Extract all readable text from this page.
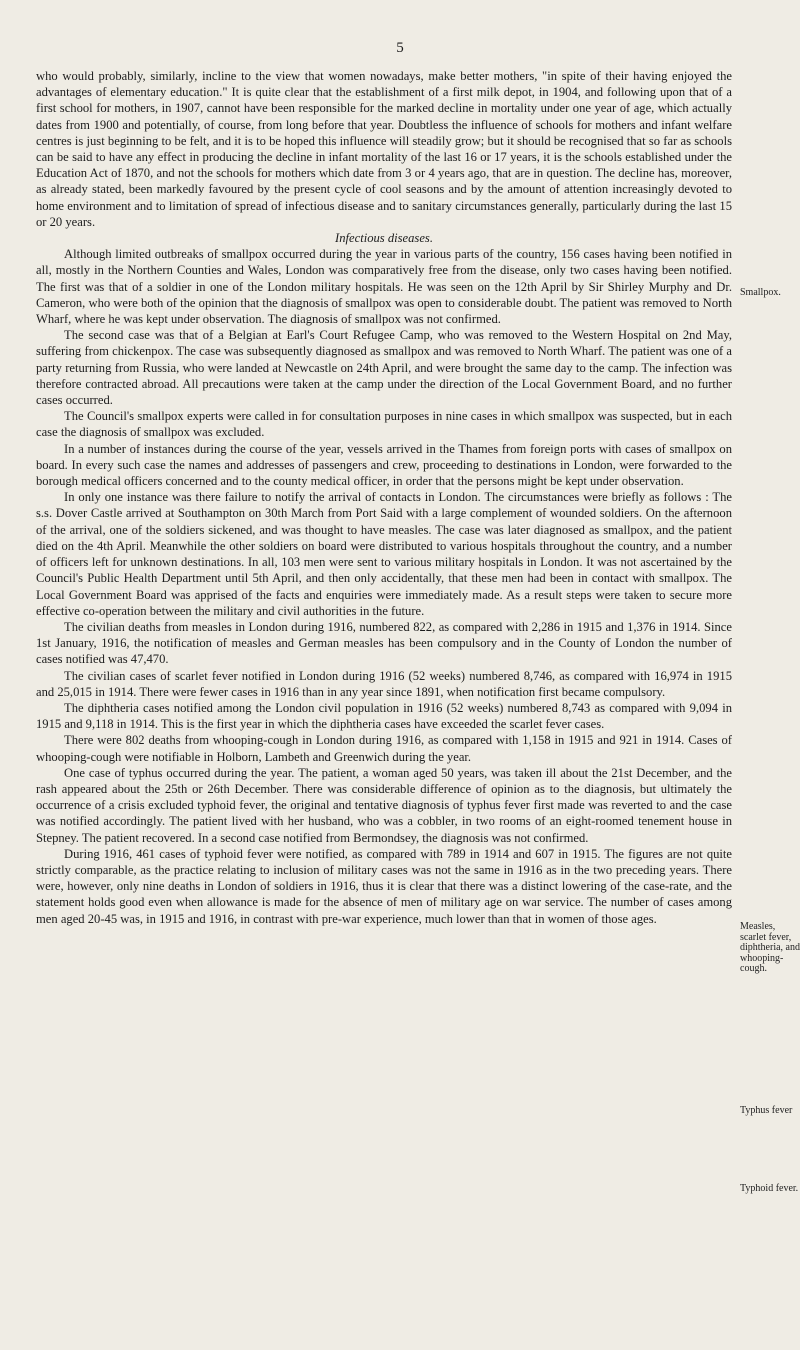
5

who would probably, similarly, incline to the view that women nowadays, make better mothers, "in spite of their having enjoyed the advantages of elementary education." It is quite clear that the establishment of a first milk depot, in 1904, and following upon that of a first school for mothers, in 1907, cannot have been responsible for the marked decline in mortality under one year of age, which actually dates from 1900 and potentially, of course, from long before that year. Doubtless the influence of schools for mothers and infant welfare centres is just beginning to be felt, and it is to be hoped this influence will steadily grow; but it should be recognised that so far as schools can be said to have any effect in producing the decline in infant mortality of the last 16 or 17 years, it is the schools established under the Education Act of 1870, and not the schools for mothers which date from 3 or 4 years ago, that are in question. The decline has, moreover, as already stated, been markedly favoured by the present cycle of cool seasons and by the amount of attention increasingly devoted to home environment and to limitation of spread of infectious disease and to sanitary circumstances generally, particularly during the last 15 or 20 years.

Infectious diseases.

Although limited outbreaks of smallpox occurred during the year in various parts of the country, 156 cases having been notified in all, mostly in the Northern Counties and Wales, London was comparatively free from the disease, only two cases having been notified. The first was that of a soldier in one of the London military hospitals. He was seen on the 12th April by Sir Shirley Murphy and Dr. Cameron, who were both of the opinion that the diagnosis of smallpox was open to considerable doubt. The patient was removed to North Wharf, where he was kept under observation. The diagnosis of smallpox was not confirmed.

The second case was that of a Belgian at Earl's Court Refugee Camp, who was removed to the Western Hospital on 2nd May, suffering from chickenpox. The case was subsequently diagnosed as smallpox and was removed to North Wharf. The patient was one of a party returning from Russia, who were landed at Newcastle on 24th April, and were brought the same day to the camp. The infection was therefore contracted abroad. All precautions were taken at the camp under the direction of the Local Government Board, and no further cases occurred.

The Council's smallpox experts were called in for consultation purposes in nine cases in which smallpox was suspected, but in each case the diagnosis of smallpox was excluded.

In a number of instances during the course of the year, vessels arrived in the Thames from foreign ports with cases of smallpox on board. In every such case the names and addresses of passengers and crew, proceeding to destinations in London, were forwarded to the borough medical officers concerned and to the county medical officer, in order that the persons might be kept under observation.

In only one instance was there failure to notify the arrival of contacts in London. The circumstances were briefly as follows : The s.s. Dover Castle arrived at Southampton on 30th March from Port Said with a large complement of wounded soldiers. On the afternoon of the arrival, one of the soldiers sickened, and was thought to have measles. The case was later diagnosed as smallpox, and the patient died on the 4th April. Meanwhile the other soldiers on board were distributed to various hospitals throughout the country, and a number of officers left for unknown destinations. In all, 103 men were sent to various military hospitals in London. It was not ascertained by the Council's Public Health Department until 5th April, and then only accidentally, that these men had been in contact with smallpox. The Local Government Board was apprised of the facts and enquiries were immediately made. As a result steps were taken to secure more effective co-operation between the military and civil authorities in the future.

The civilian deaths from measles in London during 1916, numbered 822, as compared with 2,286 in 1915 and 1,376 in 1914. Since 1st January, 1916, the notification of measles and German measles has been compulsory and in the County of London the number of cases notified was 47,470.

The civilian cases of scarlet fever notified in London during 1916 (52 weeks) numbered 8,746, as compared with 16,974 in 1915 and 25,015 in 1914. There were fewer cases in 1916 than in any year since 1891, when notification first became compulsory.

The diphtheria cases notified among the London civil population in 1916 (52 weeks) numbered 8,743 as compared with 9,094 in 1915 and 9,118 in 1914. This is the first year in which the diphtheria cases have exceeded the scarlet fever cases.

There were 802 deaths from whooping-cough in London during 1916, as compared with 1,158 in 1915 and 921 in 1914. Cases of whooping-cough were notifiable in Holborn, Lambeth and Greenwich during the year.

One case of typhus occurred during the year. The patient, a woman aged 50 years, was taken ill about the 21st December, and the rash appeared about the 25th or 26th December. There was considerable difference of opinion as to the diagnosis, but ultimately the occurrence of a crisis excluded typhoid fever, the original and tentative diagnosis of typhus fever first made was reverted to and the case was notified accordingly. The patient lived with her husband, who was a cobbler, in two rooms of an eight-roomed tenement house in Stepney. The patient recovered. In a second case notified from Bermondsey, the diagnosis was not confirmed.

During 1916, 461 cases of typhoid fever were notified, as compared with 789 in 1914 and 607 in 1915. The figures are not quite strictly comparable, as the practice relating to inclusion of military cases was not the same in 1916 as in the two preceding years. There were, however, only nine deaths in London of soldiers in 1916, thus it is clear that there was a distinct lowering of the case-rate, and the statement holds good even when allowance is made for the absence of men of military age on war service. The number of cases among men aged 20-45 was, in 1915 and 1916, in contrast with pre-war experience, much lower than that in women of those ages.

Smallpox.
Measles, scarlet fever, diphtheria, and whooping-cough.
Typhus fever
Typhoid fever.
